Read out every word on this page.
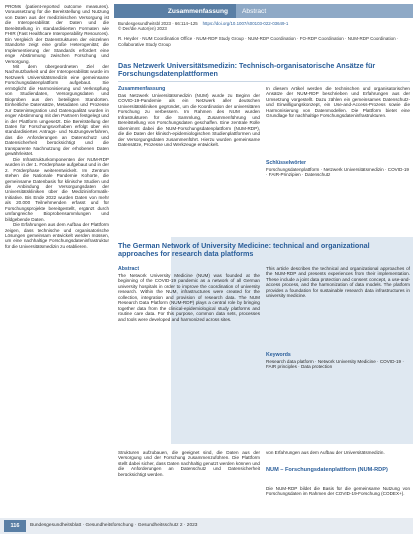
Zusammenfassung	Abstract

PROMs (patient-reported outcome measures). Voraussetzung für die Bereitstellung und Nutzung von Daten aus der medizinischen Versorgung ist die Interoperabilität der Daten und die Bereitstellung in standardisierten Formaten wie FHIR (Fast Healthcare Interoperability Resources). Ein Vergleich der Datenstrukturen der einzelnen Standorte zeigt eine große Heterogenität; die Implementierung der Standards erfordert eine enge Abstimmung zwischen Forschung und Versorgung.

Mit dem übergeordneten Ziel der Nachnutzbarkeit und der Interoperabilität wurde im Netzwerk Universitätsmedizin eine gemeinsame Forschungsdatenplattform aufgebaut. Sie ermöglicht die Harmonisierung und Verknüpfung von Studiendaten, Versorgungsdaten und Bioproben aus den beteiligten Standorten. Einheitliche Datensätze, Metadaten und Prozesse zur Datenintegration und Datenqualität wurden in enger Abstimmung mit den Partnern festgelegt und in der Plattform umgesetzt. Die Bereitstellung der Daten für Forschungsvorhaben erfolgt über ein standardisiertes Antrags- und Nutzungsverfahren, das die Anforderungen an Datenschutz und Datensicherheit berücksichtigt und die transparente Nachnutzung der erhobenen Daten gewährleistet.

Die Infrastrukturkomponenten der NUM-RDP wurden in der 1. Förderphase aufgebaut und in der 2. Förderphase weiterentwickelt. Im Zentrum stehen die Nationale Pandemie Kohorte, die gemeinsame Datenbasis für klinische Studien und die Anbindung der Versorgungsdaten der Universitätskliniken über die Medizininformatik-Initiative. Bis Ende 2022 wurden Daten von mehr als 20.000 Teilnehmenden erfasst und für Forschungsprojekte bereitgestellt, ergänzt durch umfangreiche Bioprobensammlungen und bildgebende Daten.

Die Erfahrungen aus dem Aufbau der Plattform zeigen, dass technische und organisatorische Lösungen gemeinsam entwickelt werden müssen, um eine nachhaltige Forschungsdateninfrastruktur für die Universitätsmedizin zu etablieren.

Bundesgesundheitsbl 2023 · 66:114–125 https://doi.org/10.1007/s00103-022-03649-1
© Der/die Autor(en) 2023
R. Heyder · NUM Coordination Office · NUM-RDP Study Group · NUM-RDP Coordination · FO-RDP Coordination · NUM-RDP Coordination · Collaborative Study Group
Das Netzwerk Universitätsmedizin: Technisch-organisatorische Ansätze für Forschungsdatenplattformen
Zusammenfassung
Das Netzwerk Universitätsmedizin (NUM) wurde zu Beginn der COVID-19-Pandemie als ein Netzwerk aller deutschen Universitätskliniken gegründet, um die Koordination der universitären Forschung zu verbessern. Im Rahmen des NUM wurden Infrastrukturen für die Sammlung, Zusammenführung und Bereitstellung von Forschungsdaten geschaffen. Eine zentrale Rolle übernimmt dabei die NUM-Forschungsdatenplattform (NUM-RDP), die die Daten der klinisch-epidemiologischen Studienplattformen und der Versorgungsdaten zusammenführt. Hierzu wurden gemeinsame Datensätze, Prozesse und Werkzeuge entwickelt.
In diesem Artikel werden die technischen und organisatorischen Ansätze der NUM-RDP beschrieben und Erfahrungen aus der Umsetzung vorgestellt. Dazu zählen ein gemeinsames Datenschutz- und Einwilligungskonzept, ein Use-and-Access-Prozess sowie die Harmonisierung von Datenmodellen. Die Plattform bietet eine Grundlage für nachhaltige Forschungsdateninfrastrukturen.
Schlüsselwörter
Forschungsdatenplattform · Netzwerk Universitätsmedizin · COVID-19 · FAIR-Prinzipien · Datenschutz
The German Network of University Medicine: technical and organizational approaches for research data platforms
Abstract
The Network University Medicine (NUM) was founded at the beginning of the COVID-19 pandemic as a network of all German university hospitals in order to improve the coordination of university research. Within the NUM, infrastructures were created for the collection, integration and provision of research data. The NUM Research Data Platform (NUM-RDP) plays a central role by bringing together data from the clinical-epidemiological study platforms and routine care data. For this purpose, common data sets, processes and tools were developed and harmonized across sites.
This article describes the technical and organizational approaches of the NUM-RDP and presents experiences from their implementation. These include a joint data protection and consent concept, a use-and-access process, and the harmonization of data models. The platform provides a foundation for sustainable research data infrastructures in university medicine.
Keywords
Research data platform · Network University Medicine · COVID-19 · FAIR principles · Data protection
Strukturen aufzubauen, die geeignet sind, die Daten aus der Versorgung und der Forschung zusammenzuführen. Die Plattform stellt dabei sicher, dass Daten nachhaltig genutzt werden können und die Anforderungen an Datenschutz und Datensicherheit berücksichtigt werden.
von Erfahrungen aus dem Aufbau der Universitätsmedizin.
NUM – Forschungsdatenplattform (NUM-RDP)
Die NUM-RDP bildet die Basis für die gemeinsame Nutzung von Forschungsdaten im Rahmen der COVID-19-Forschung (CODEX+).
116	Bundesgesundheitsblatt · Gesundheitsforschung · Gesundheitsschutz 2 · 2023
